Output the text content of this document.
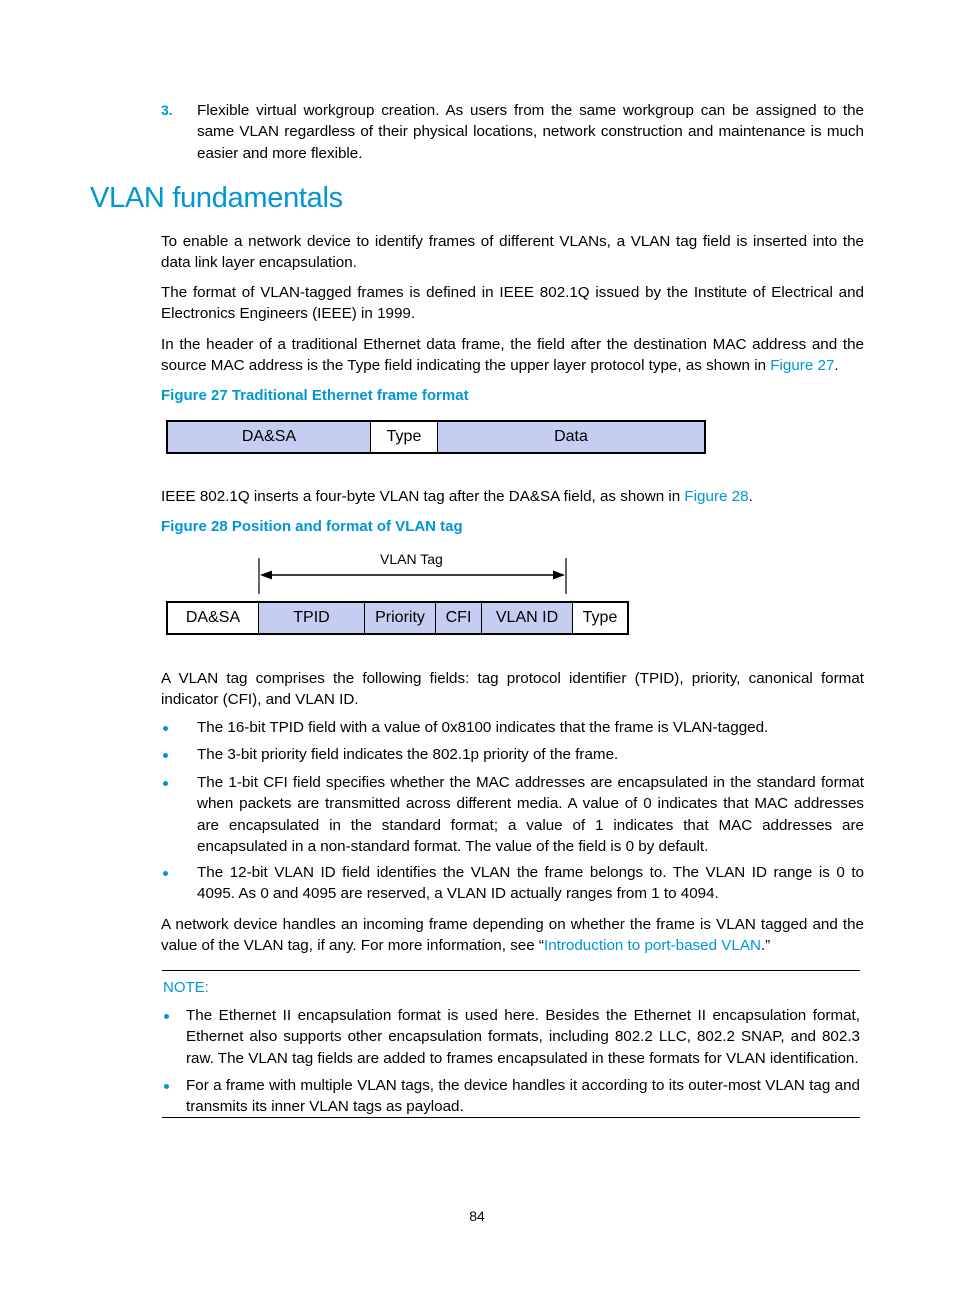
3. Flexible virtual workgroup creation. As users from the same workgroup can be assigned to the same VLAN regardless of their physical locations, network construction and maintenance is much easier and more flexible.
VLAN fundamentals

To enable a network device to identify frames of different VLANs, a VLAN tag field is inserted into the data link layer encapsulation.

The format of VLAN-tagged frames is defined in IEEE 802.1Q issued by the Institute of Electrical and Electronics Engineers (IEEE) in 1999.

In the header of a traditional Ethernet data frame, the field after the destination MAC address and the source MAC address is the Type field indicating the upper layer protocol type, as shown in Figure 27.

Figure 27 Traditional Ethernet frame format

DA&SA	Type	Data

IEEE 802.1Q inserts a four-byte VLAN tag after the DA&SA field, as shown in Figure 28.

Figure 28 Position and format of VLAN tag

VLAN Tag
DA&SA	TPID	Priority	CFI	VLAN ID	Type

A VLAN tag comprises the following fields: tag protocol identifier (TPID), priority, canonical format indicator (CFI), and VLAN ID.

The 16-bit TPID field with a value of 0x8100 indicates that the frame is VLAN-tagged.
The 3-bit priority field indicates the 802.1p priority of the frame.
The 1-bit CFI field specifies whether the MAC addresses are encapsulated in the standard format when packets are transmitted across different media. A value of 0 indicates that MAC addresses are encapsulated in the standard format; a value of 1 indicates that MAC addresses are encapsulated in a non-standard format. The value of the field is 0 by default.
The 12-bit VLAN ID field identifies the VLAN the frame belongs to. The VLAN ID range is 0 to 4095. As 0 and 4095 are reserved, a VLAN ID actually ranges from 1 to 4094.

A network device handles an incoming frame depending on whether the frame is VLAN tagged and the value of the VLAN tag, if any. For more information, see “Introduction to port-based VLAN.”

NOTE:
The Ethernet II encapsulation format is used here. Besides the Ethernet II encapsulation format, Ethernet also supports other encapsulation formats, including 802.2 LLC, 802.2 SNAP, and 802.3 raw. The VLAN tag fields are added to frames encapsulated in these formats for VLAN identification.
For a frame with multiple VLAN tags, the device handles it according to its outer-most VLAN tag and transmits its inner VLAN tags as payload.
84
